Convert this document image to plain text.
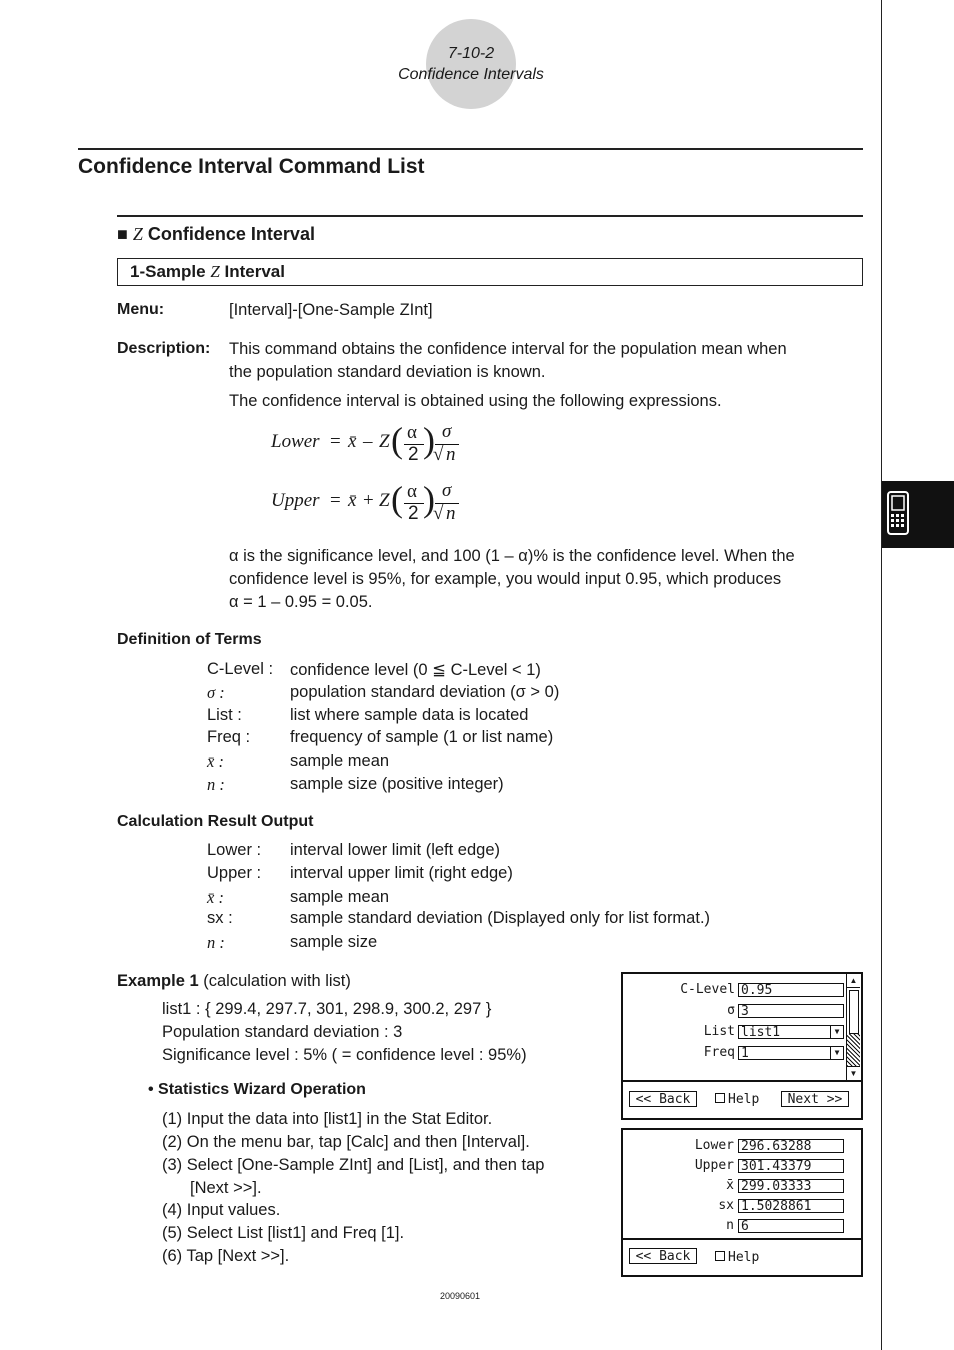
7-10-2
Confidence Intervals
Confidence Interval Command List
■ Z Confidence Interval
1-Sample Z Interval
Menu:	[Interval]-[One-Sample ZInt]
Description: This command obtains the confidence interval for the population mean when
the population standard deviation is known.
The confidence interval is obtained using the following expressions.
Lower = x̄ – Z ( α
2 ) σ
√ n
Upper = x̄ + Z ( α
2 ) σ
√ n
α is the significance level, and 100 (1 – α)% is the confidence level. When the
confidence level is 95%, for example, you would input 0.95, which produces
α = 1 – 0.95 = 0.05.
Definition of Terms
C-Level : confidence level (0 ≦ C-Level < 1)
σ :	population standard deviation (σ > 0)
List :	list where sample data is located
Freq : frequency of sample (1 or list name)
x̄ :	sample mean
n :	sample size (positive integer)
Calculation Result Output
Lower : interval lower limit (left edge)
Upper : interval upper limit (right edge)
x̄ :	sample mean
sx :	sample standard deviation (Displayed only for list format.)
n :	sample size
Example 1 (calculation with list)
list1 : { 299.4, 297.7, 301, 298.9, 300.2, 297 }
Population standard deviation : 3
Significance level : 5% ( = confidence level : 95%)
• Statistics Wizard Operation
(1) Input the data into [list1] in the Stat Editor.
(2) On the menu bar, tap [Calc] and then [Interval].
(3) Select [One-Sample ZInt] and [List], and then tap
[Next >>].
(4) Input values.
(5) Select List [list1] and Freq [1].
(6) Tap [Next >>].
C-Level 0.95
σ 3
List list1	▼
Freq 1	▼
▲
▼
<< Back	Help	Next >>
Lower 296.63288
Upper 301.43379
x̄ 299.03333
sx 1.5028861
n 6
<< Back	Help
20090601
